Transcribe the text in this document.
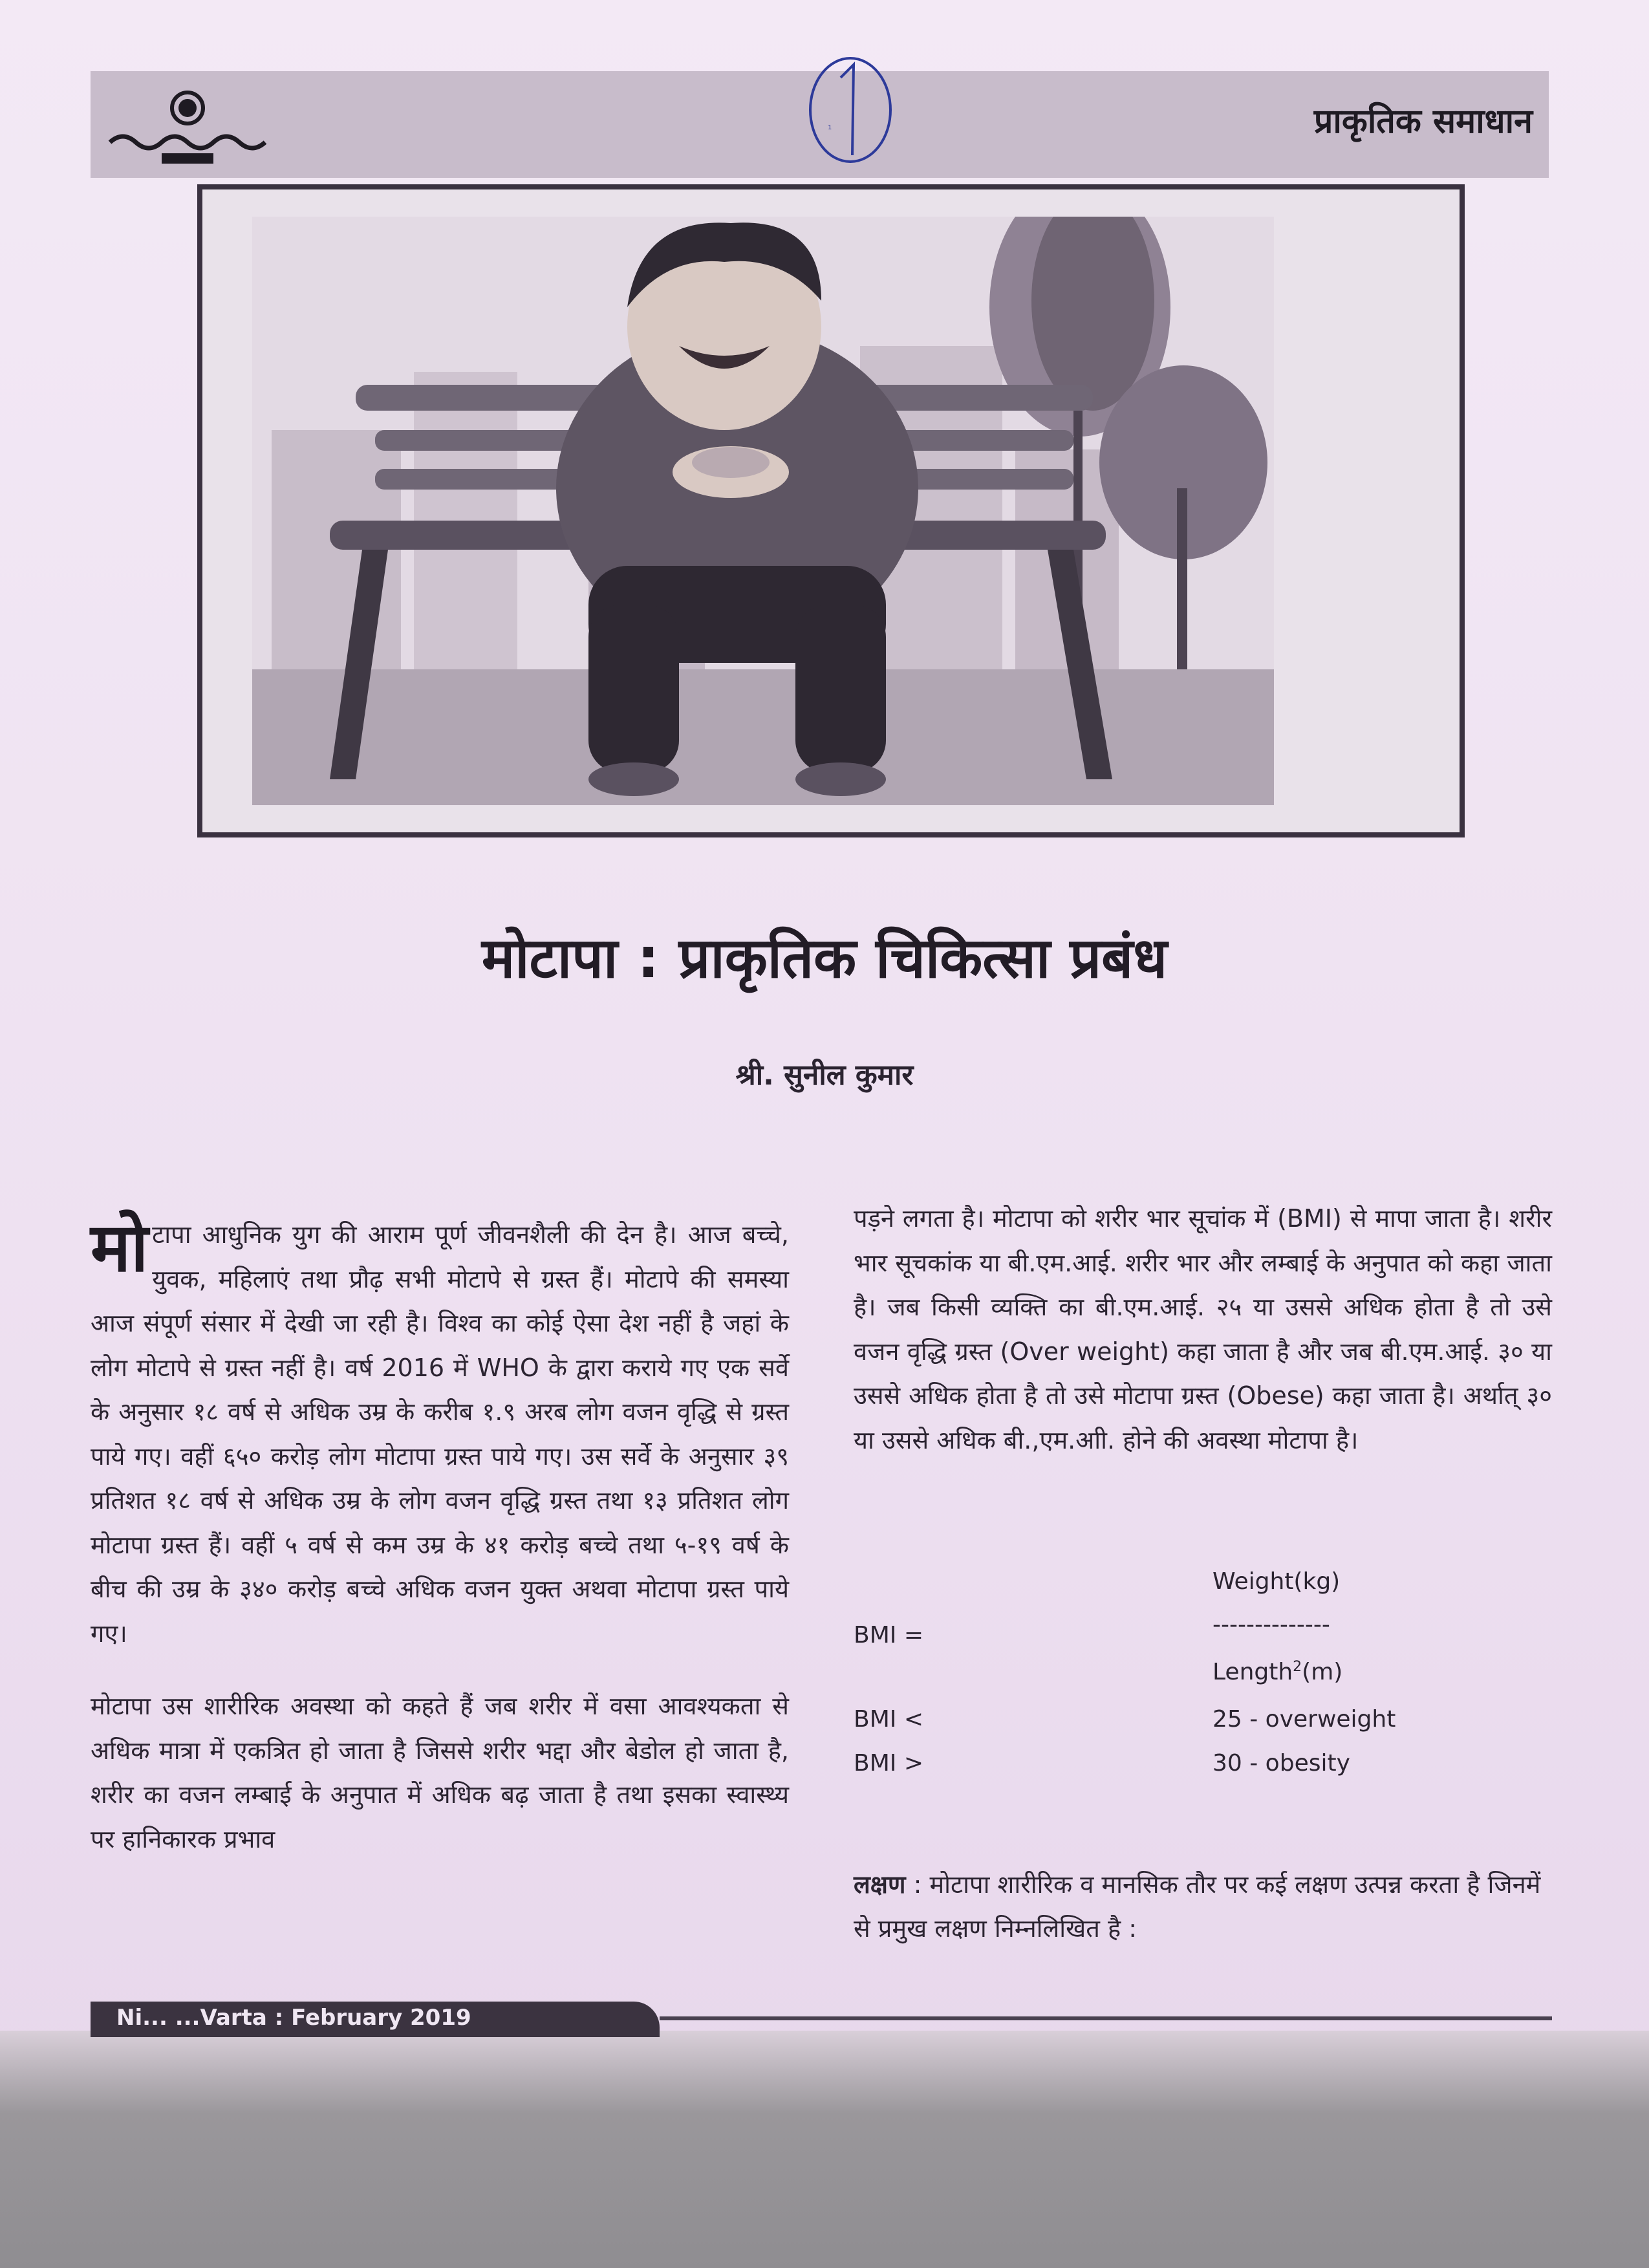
प्राकृतिक समाधान
1
मोटापा : प्राकृतिक चिकित्सा प्रबंध
श्री. सुनील कुमार

मोटापा आधुनिक युग की आराम पूर्ण जीवनशैली की देन है। आज बच्चे, युवक, महिलाएं तथा प्रौढ़ सभी मोटापे से ग्रस्त हैं। मोटापे की समस्या आज संपूर्ण संसार में देखी जा रही है। विश्व का कोई ऐसा देश नहीं है जहां के लोग मोटापे से ग्रस्त नहीं है। वर्ष 2016 में WHO के द्वारा कराये गए एक सर्वे के अनुसार १८ वर्ष से अधिक उम्र के करीब १.९ अरब लोग वजन वृद्धि से ग्रस्त पाये गए। वहीं ६५० करोड़ लोग मोटापा ग्रस्त पाये गए। उस सर्वे के अनुसार ३९ प्रतिशत १८ वर्ष से अधिक उम्र के लोग वजन वृद्धि ग्रस्त तथा १३ प्रतिशत लोग मोटापा ग्रस्त हैं। वहीं ५ वर्ष से कम उम्र के ४१ करोड़ बच्चे तथा ५-१९ वर्ष के बीच की उम्र के ३४० करोड़ बच्चे अधिक वजन युक्त अथवा मोटापा ग्रस्त पाये गए।

मोटापा उस शारीरिक अवस्था को कहते हैं जब शरीर में वसा आवश्यकता से अधिक मात्रा में एकत्रित हो जाता है जिससे शरीर भद्दा और बेडोल हो जाता है, शरीर का वजन लम्बाई के अनुपात में अधिक बढ़ जाता है तथा इसका स्वास्थ्य पर हानिकारक प्रभाव

पड़ने लगता है। मोटापा को शरीर भार सूचांक में (BMI) से मापा जाता है। शरीर भार सूचकांक या बी.एम.आई. शरीर भार और लम्बाई के अनुपात को कहा जाता है। जब किसी व्यक्ति का बी.एम.आई. २५ या उससे अधिक होता है तो उसे वजन वृद्धि ग्रस्त (Over weight) कहा जाता है और जब बी.एम.आई. ३० या उससे अधिक होता है तो उसे मोटापा ग्रस्त (Obese) कहा जाता है। अर्थात् ३० या उससे अधिक बी.,एम.आी. होने की अवस्था मोटापा है।

Weight(kg)
--------------
BMI =
Length$^2$(m)
BMI <	25 - overweight
BMI >	30 - obesity
लक्षण : मोटापा शारीरिक व मानसिक तौर पर कई लक्षण उत्पन्न करता है जिनमें से प्रमुख लक्षण निम्नलिखित है :
Ni... ...Varta : February 2019
